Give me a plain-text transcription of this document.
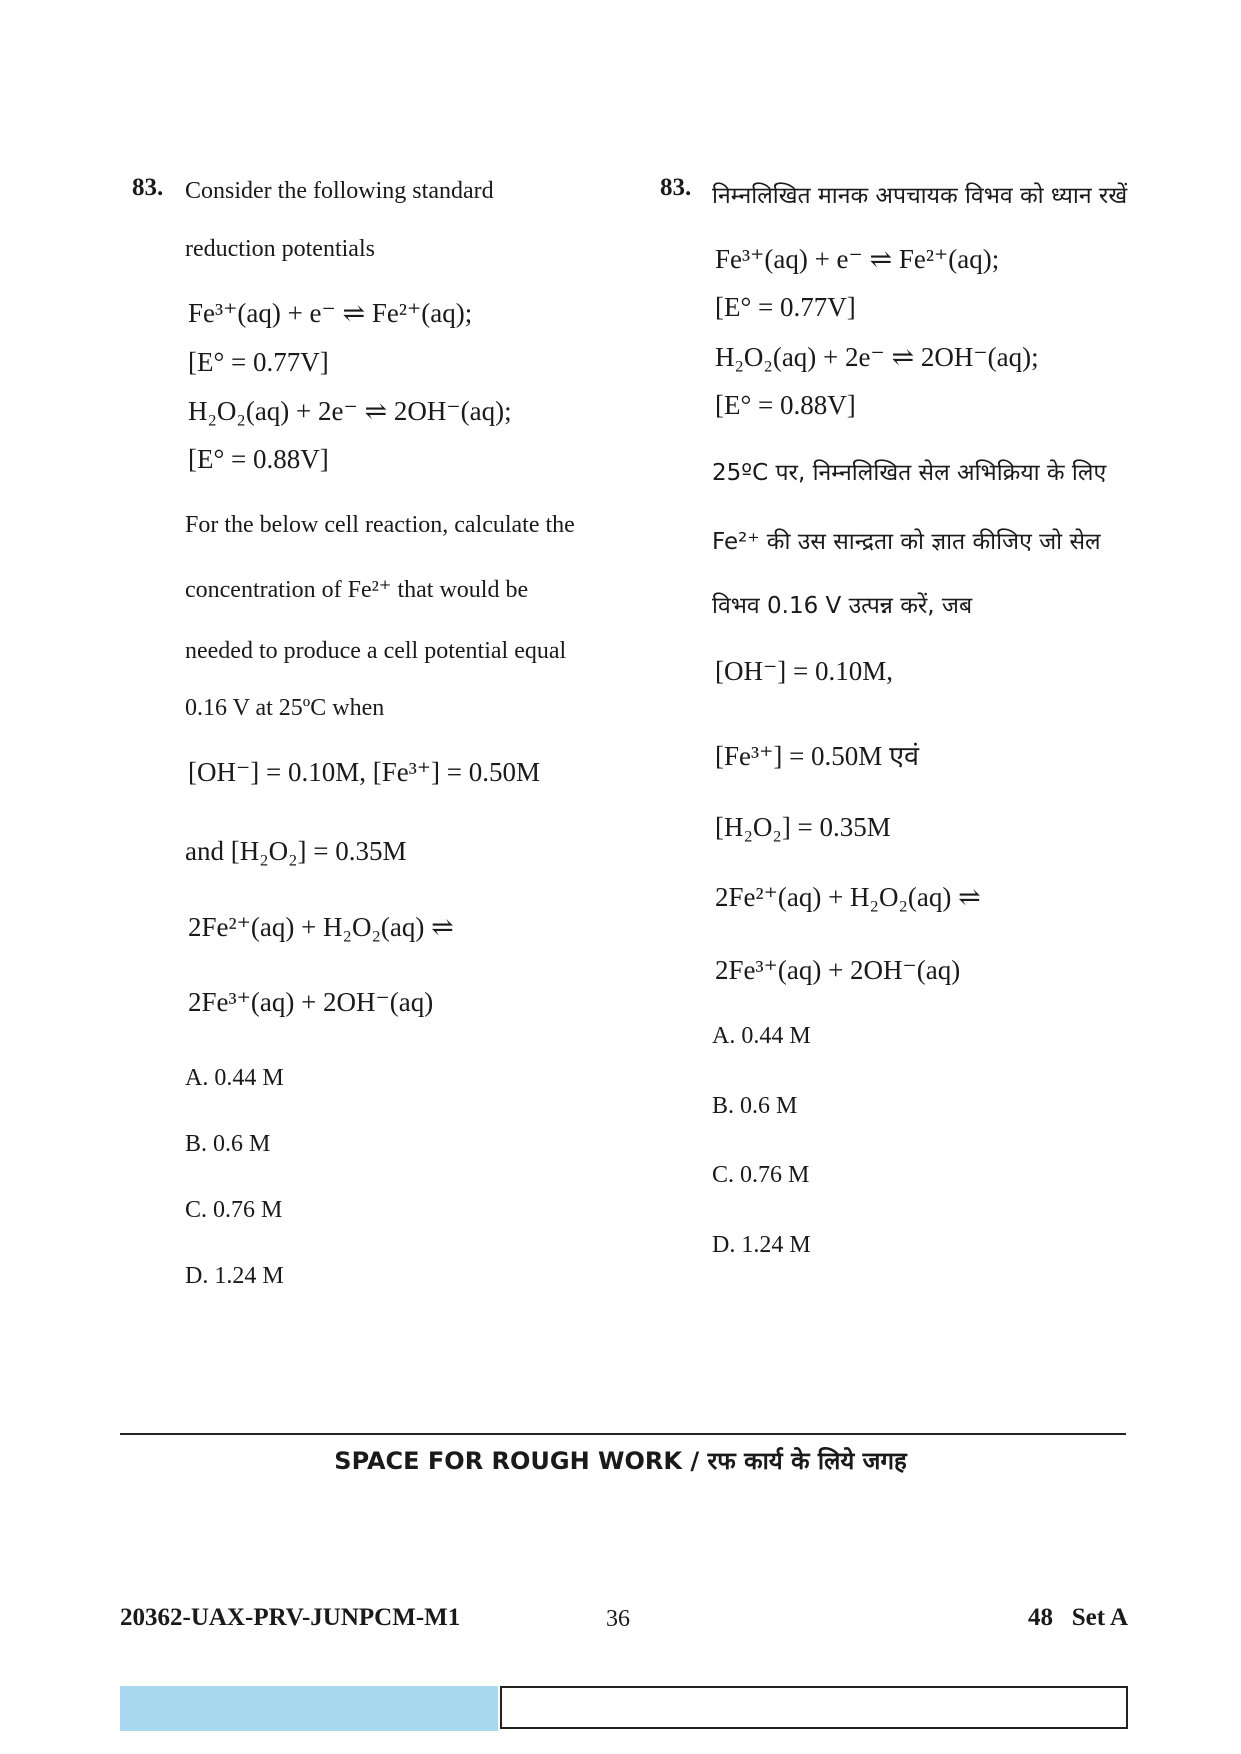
83. Consider the following standard
reduction potentials
Fe³⁺(aq) + e⁻ ⇌ Fe²⁺(aq);
[E° = 0.77V]
H₂O₂(aq) + 2e⁻ ⇌ 2OH⁻(aq);
[E° = 0.88V]
For the below cell reaction, calculate the
concentration of Fe²⁺ that would be
needed to produce a cell potential equal
0.16 V at 25ºC when
[OH⁻] = 0.10M, [Fe³⁺] = 0.50M
and [H₂O₂] = 0.35M
2Fe²⁺(aq) + H₂O₂(aq) ⇌
2Fe³⁺(aq) + 2OH⁻(aq)
A. 0.44 M
B. 0.6 M
C. 0.76 M
D. 1.24 M
83. निम्नलिखित मानक अपचायक विभव को ध्यान रखें
Fe³⁺(aq) + e⁻ ⇌ Fe²⁺(aq);
[E° = 0.77V]
H₂O₂(aq) + 2e⁻ ⇌ 2OH⁻(aq);
[E° = 0.88V]
25ºC पर, निम्नलिखित सेल अभिक्रिया के लिए
Fe²⁺ की उस सान्द्रता को ज्ञात कीजिए जो सेल
विभव 0.16 V उत्पन्न करें, जब
[OH⁻] = 0.10M,
[Fe³⁺] = 0.50M एवं
[H₂O₂] = 0.35M
2Fe²⁺(aq) + H₂O₂(aq) ⇌
2Fe³⁺(aq) + 2OH⁻(aq)
A. 0.44 M
B. 0.6 M
C. 0.76 M
D. 1.24 M
SPACE FOR ROUGH WORK / रफ कार्य के लिये जगह
20362-UAX-PRV-JUNPCM-M1	36	48   Set A
